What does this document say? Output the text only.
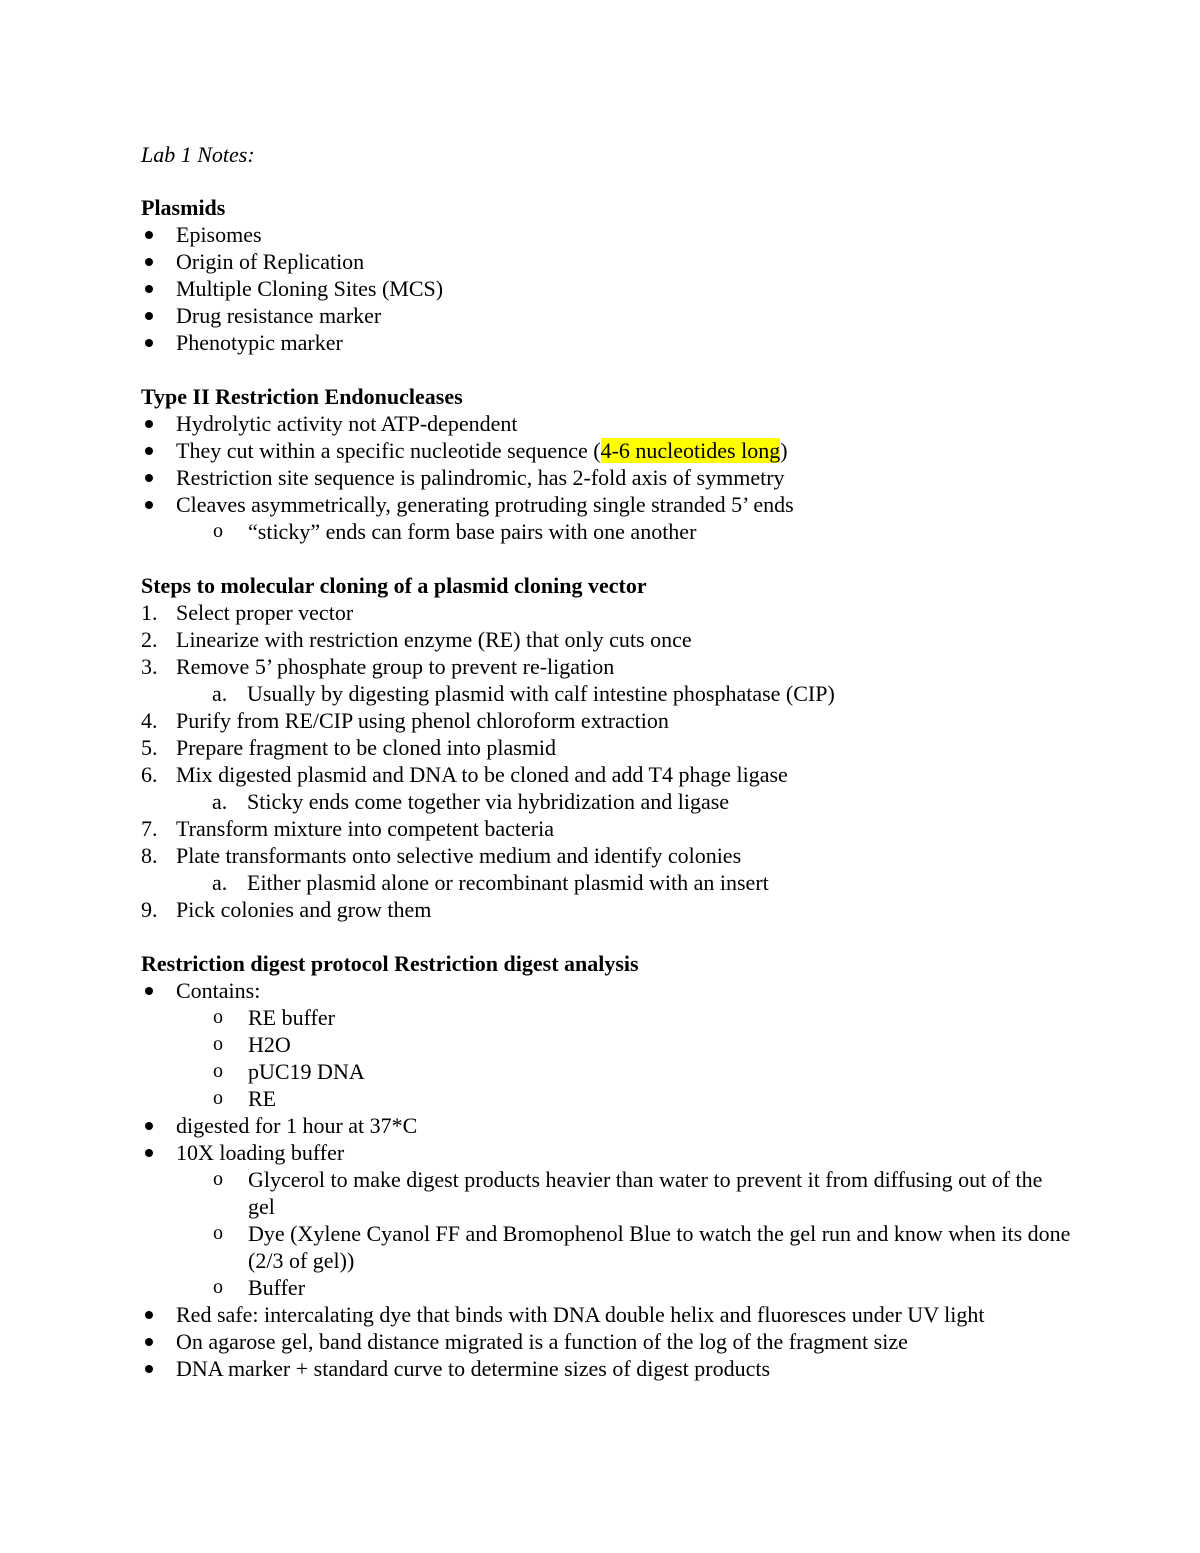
Lab 1 Notes:
Plasmids
Episomes
Origin of Replication
Multiple Cloning Sites (MCS)
Drug resistance marker
Phenotypic marker
Type II Restriction Endonucleases
Hydrolytic activity not ATP-dependent
They cut within a specific nucleotide sequence (4-6 nucleotides long)
Restriction site sequence is palindromic, has 2-fold axis of symmetry
Cleaves asymmetrically, generating protruding single stranded 5’ ends
o	“sticky” ends can form base pairs with one another
Steps to molecular cloning of a plasmid cloning vector
1. Select proper vector
2. Linearize with restriction enzyme (RE) that only cuts once
3. Remove 5’ phosphate group to prevent re-ligation
a. Usually by digesting plasmid with calf intestine phosphatase (CIP)
4. Purify from RE/CIP using phenol chloroform extraction
5. Prepare fragment to be cloned into plasmid
6. Mix digested plasmid and DNA to be cloned and add T4 phage ligase
a. Sticky ends come together via hybridization and ligase
7. Transform mixture into competent bacteria
8. Plate transformants onto selective medium and identify colonies
a. Either plasmid alone or recombinant plasmid with an insert
9. Pick colonies and grow them
Restriction digest protocol Restriction digest analysis
Contains:
o	RE buffer
o	H2O
o	pUC19 DNA
o	RE
digested for 1 hour at 37*C
10X loading buffer
o	Glycerol to make digest products heavier than water to prevent it from diffusing out of the gel
o	Dye (Xylene Cyanol FF and Bromophenol Blue to watch the gel run and know when its done (2/3 of gel))
o	Buffer
Red safe: intercalating dye that binds with DNA double helix and fluoresces under UV light
On agarose gel, band distance migrated is a function of the log of the fragment size
DNA marker + standard curve to determine sizes of digest products
